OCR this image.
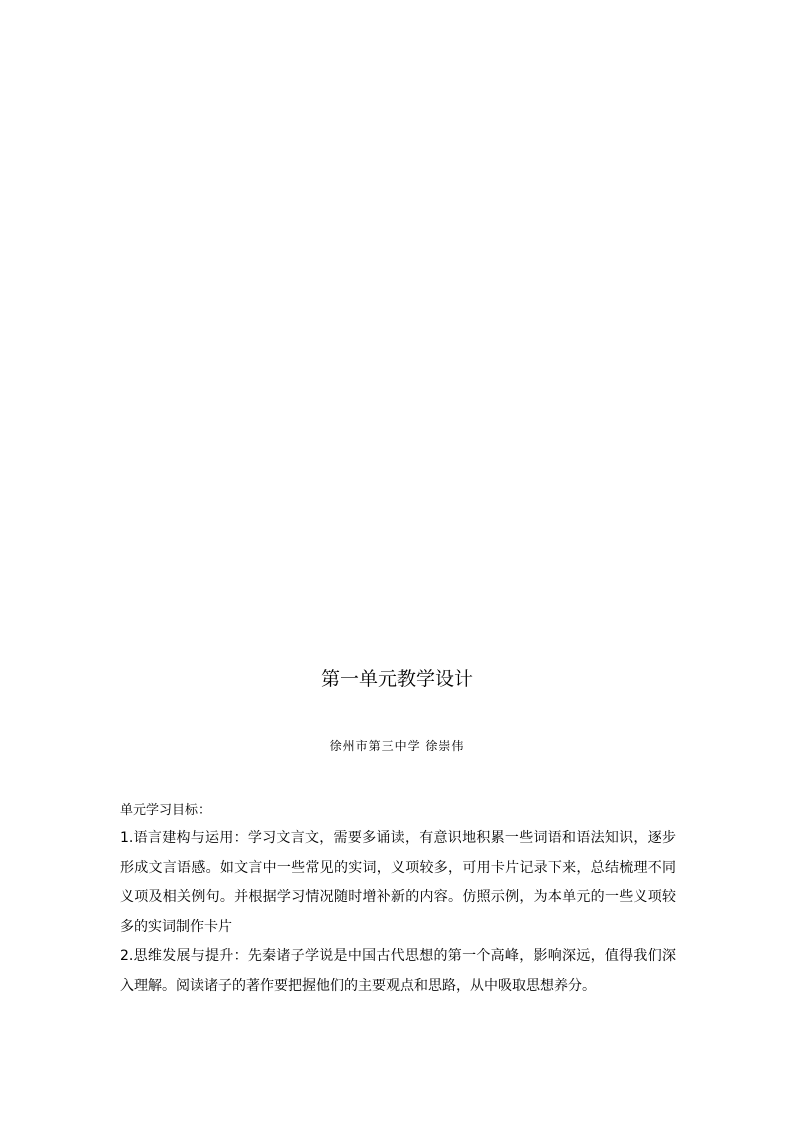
第一单元教学设计
徐州市第三中学 徐崇伟

单元学习目标：

1.语言建构与运用：学习文言文，需要多诵读，有意识地积累一些词语和语法知识，逐步形成文言语感。如文言中一些常见的实词，义项较多，可用卡片记录下来，总结梳理不同义项及相关例句。并根据学习情况随时增补新的内容。仿照示例，为本单元的一些义项较多的实词制作卡片

2.思维发展与提升：先秦诸子学说是中国古代思想的第一个高峰，影响深远，值得我们深入理解。阅读诸子的著作要把握他们的主要观点和思路，从中吸取思想养分。
